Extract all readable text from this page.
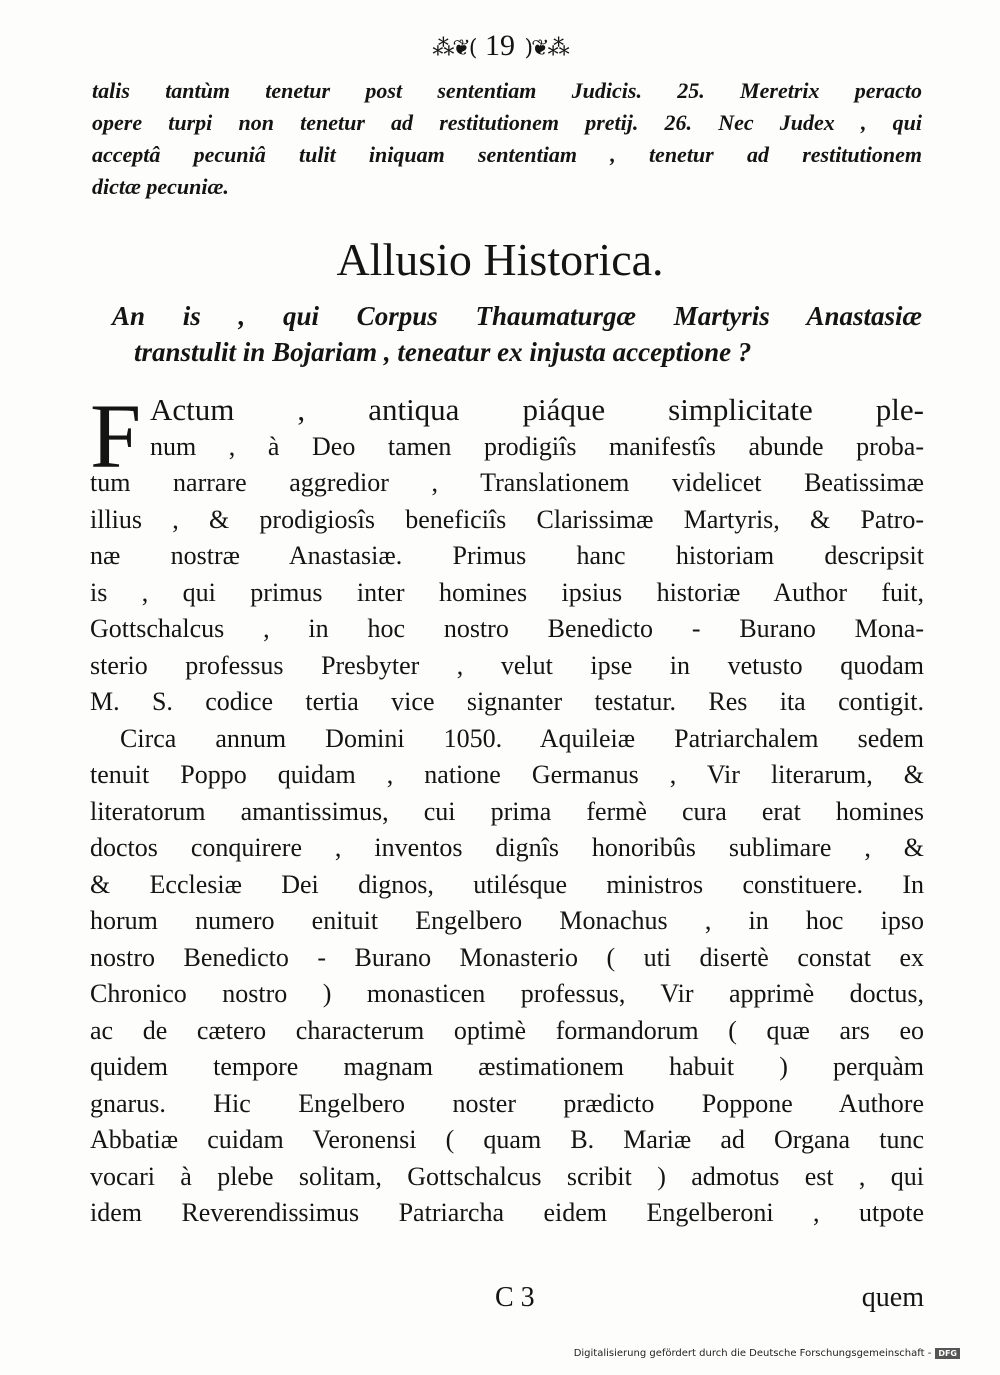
⁂❦( 19 )❦⁂
talis tantùm tenetur post sententiam Judicis. 25. Meretrix peracto
opere turpi non tenetur ad restitutionem pretij. 26. Nec Judex , qui
acceptâ pecuniâ tulit iniquam sententiam , tenetur ad restitutionem
dictæ pecuniæ.
Allusio Historica.
An is , qui Corpus Thaumaturgæ Martyris Anastasiæ
transtulit in Bojariam , teneatur ex injusta acceptione ?
F Actum , antiqua piáque simplicitate ple-
num , à Deo tamen prodigiîs manifestîs abunde proba-
tum narrare aggredior , Translationem videlicet Beatissimæ
illius , & prodigiosîs beneficiîs Clarissimæ Martyris, & Patro-
næ nostræ Anastasiæ. Primus hanc historiam descripsit
is , qui primus inter homines ipsius historiæ Author fuit,
Gottschalcus , in hoc nostro Benedicto - Burano Mona-
sterio professus Presbyter , velut ipse in vetusto quodam
M. S. codice tertia vice signanter testatur. Res ita contigit.
Circa annum Domini 1050. Aquileiæ Patriarchalem sedem
tenuit Poppo quidam , natione Germanus , Vir literarum, &
literatorum amantissimus, cui prima fermè cura erat homines
doctos conquirere , inventos dignîs honoribûs sublimare , &
& Ecclesiæ Dei dignos, utilésque ministros constituere. In
horum numero enituit Engelbero Monachus , in hoc ipso
nostro Benedicto - Burano Monasterio ( uti disertè constat ex
Chronico nostro ) monasticen professus, Vir apprimè doctus,
ac de cætero characterum optimè formandorum ( quæ ars eo
quidem tempore magnam æstimationem habuit ) perquàm
gnarus. Hic Engelbero noster prædicto Poppone Authore
Abbatiæ cuidam Veronensi ( quam B. Mariæ ad Organa tunc
vocari à plebe solitam, Gottschalcus scribit ) admotus est , qui
idem Reverendissimus Patriarcha eidem Engelberoni , utpote
C 3	quem
Digitalisierung gefördert durch die Deutsche Forschungsgemeinschaft - DFG
